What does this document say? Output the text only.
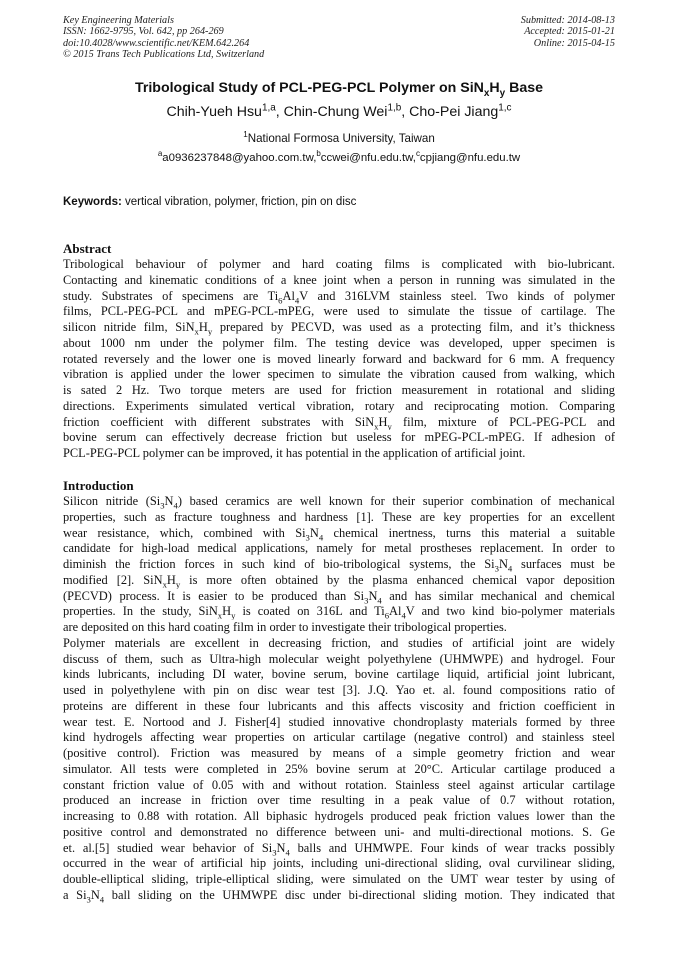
Key Engineering Materials
ISSN: 1662-9795, Vol. 642, pp 264-269
doi:10.4028/www.scientific.net/KEM.642.264
© 2015 Trans Tech Publications Ltd, Switzerland
Submitted: 2014-08-13
Accepted: 2015-01-21
Online: 2015-04-15
Tribological Study of PCL-PEG-PCL Polymer on $SiN_xH_y$ Base
Chih-Yueh Hsu$^{1,a}$, Chin-Chung Wei$^{1,b}$, Cho-Pei Jiang$^{1,c}$
$^1$National Formosa University, Taiwan
$^a$a0936237848@yahoo.com.tw,$^b$ccwei@nfu.edu.tw,$^c$cpjiang@nfu.edu.tw
Keywords: vertical vibration, polymer, friction, pin on disc
Abstract
Tribological behaviour of polymer and hard coating films is complicated with bio-lubricant.
Contacting and kinematic conditions of a knee joint when a person in running was simulated in the
study. Substrates of specimens are $Ti_6Al_4V$ and 316LVM stainless steel. Two kinds of polymer
films, PCL-PEG-PCL and mPEG-PCL-mPEG, were used to simulate the tissue of cartilage. The
silicon nitride film, $SiN_xH_y$ prepared by PECVD, was used as a protecting film, and it’s thickness
about 1000 nm under the polymer film. The testing device was developed, upper specimen is
rotated reversely and the lower one is moved linearly forward and backward for 6 mm. A frequency
vibration is applied under the lower specimen to simulate the vibration caused from walking, which
is sated 2 Hz. Two torque meters are used for friction measurement in rotational and sliding
directions. Experiments simulated vertical vibration, rotary and reciprocating motion. Comparing
friction coefficient with different substrates with $SiN_xH_y$ film, mixture of PCL-PEG-PCL and
bovine serum can effectively decrease friction but useless for mPEG-PCL-mPEG. If adhesion of
PCL-PEG-PCL polymer can be improved, it has potential in the application of artificial joint.
Introduction
Silicon nitride $(Si_3N_4)$ based ceramics are well known for their superior combination of mechanical
properties, such as fracture toughness and hardness [1]. These are key properties for an excellent
wear resistance, which, combined with $Si_3N_4$ chemical inertness, turns this material a suitable
candidate for high-load medical applications, namely for metal prostheses replacement. In order to
diminish the friction forces in such kind of bio-tribological systems, the $Si_3N_4$ surfaces must be
modified [2]. $SiN_xH_y$ is more often obtained by the plasma enhanced chemical vapor deposition
(PECVD) process. It is easier to be produced than $Si_3N_4$ and has similar mechanical and chemical
properties. In the study, $SiN_xH_y$ is coated on 316L and $Ti_6Al_4V$ and two kind bio-polymer materials
are deposited on this hard coating film in order to investigate their tribological properties.
Polymer materials are excellent in decreasing friction, and studies of artificial joint are widely
discuss of them, such as Ultra-high molecular weight polyethylene (UHMWPE) and hydrogel. Four
kinds lubricants, including DI water, bovine serum, bovine cartilage liquid, artificial joint lubricant,
used in polyethylene with pin on disc wear test [3]. J.Q. Yao et. al. found compositions ratio of
proteins are different in these four lubricants and this affects viscosity and friction coefficient in
wear test. E. Nortood and J. Fisher[4] studied innovative chondroplasty materials formed by three
kind hydrogels affecting wear properties on articular cartilage (negative control) and stainless steel
(positive control). Friction was measured by means of a simple geometry friction and wear
simulator. All tests were completed in 25% bovine serum at 20°C. Articular cartilage produced a
constant friction value of 0.05 with and without rotation. Stainless steel against articular cartilage
produced an increase in friction over time resulting in a peak value of 0.7 without rotation,
increasing to 0.88 with rotation. All biphasic hydrogels produced peak friction values lower than the
positive control and demonstrated no difference between uni- and multi-directional motions. S. Ge
et. al.[5] studied wear behavior of $Si_3N_4$ balls and UHMWPE. Four kinds of wear tracks possibly
occurred in the wear of artificial hip joints, including uni-directional sliding, oval curvilinear sliding,
double-elliptical sliding, triple-elliptical sliding, were simulated on the UMT wear tester by using of
a $Si_3N_4$ ball sliding on the UHMWPE disc under bi-directional sliding motion. They indicated that
